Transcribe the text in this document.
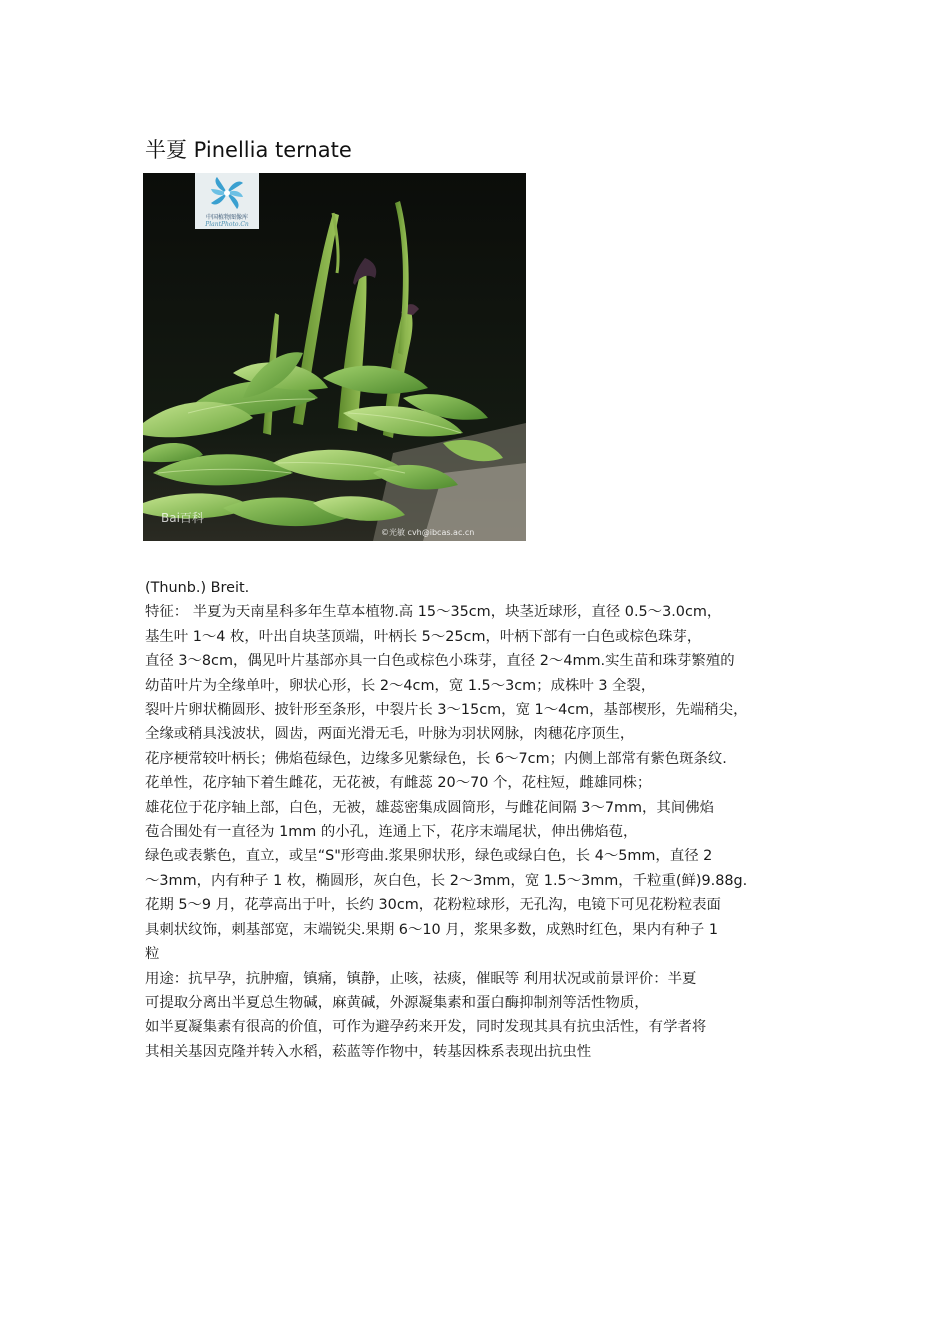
半夏 Pinellia ternate
中国植物图像库
PlantPhoto.Cn
Bai百科
©光敏 cvh@ibcas.ac.cn

(Thunb.) Breit.

特征： 半夏为天南星科多年生草本植物.高 15～35cm，块茎近球形，直径 0.5～3.0cm，

基生叶 1～4 枚，叶出自块茎顶端，叶柄长 5～25cm，叶柄下部有一白色或棕色珠芽，

直径 3～8cm，偶见叶片基部亦具一白色或棕色小珠芽，直径 2～4mm.实生苗和珠芽繁殖的

幼苗叶片为全缘单叶，卵状心形，长 2～4cm，宽 1.5～3cm；成株叶 3 全裂，

裂叶片卵状椭圆形、披针形至条形，中裂片长 3～15cm，宽 1～4cm，基部楔形，先端稍尖，

全缘或稍具浅波状，圆齿，两面光滑无毛，叶脉为羽状网脉，肉穗花序顶生，

花序梗常较叶柄长；佛焰苞绿色，边缘多见紫绿色，长 6～7cm；内侧上部常有紫色斑条纹.

花单性，花序轴下着生雌花，无花被，有雌蕊 20～70 个，花柱短，雌雄同株；

雄花位于花序轴上部，白色，无被，雄蕊密集成圆筒形，与雌花间隔 3～7mm，其间佛焰

苞合围处有一直径为 1mm 的小孔，连通上下，花序末端尾状，伸出佛焰苞，

绿色或表紫色，直立，或呈“S"形弯曲.浆果卵状形，绿色或绿白色，长 4～5mm，直径 2

～3mm，内有种子 1 枚，椭圆形，灰白色，长 2～3mm，宽 1.5～3mm，千粒重(鲜)9.88g.

花期 5～9 月，花葶高出于叶，长约 30cm，花粉粒球形，无孔沟，电镜下可见花粉粒表面

具刺状纹饰，刺基部宽，末端锐尖.果期 6～10 月，浆果多数，成熟时红色，果内有种子 1

粒

用途：抗早孕，抗肿瘤，镇痛，镇静，止咳，祛痰，催眠等 利用状况或前景评价：半夏

可提取分离出半夏总生物碱，麻黄碱，外源凝集素和蛋白酶抑制剂等活性物质，

如半夏凝集素有很高的价值，可作为避孕药来开发，同时发现其具有抗虫活性，有学者将

其相关基因克隆并转入水稻，菘蓝等作物中，转基因株系表现出抗虫性
